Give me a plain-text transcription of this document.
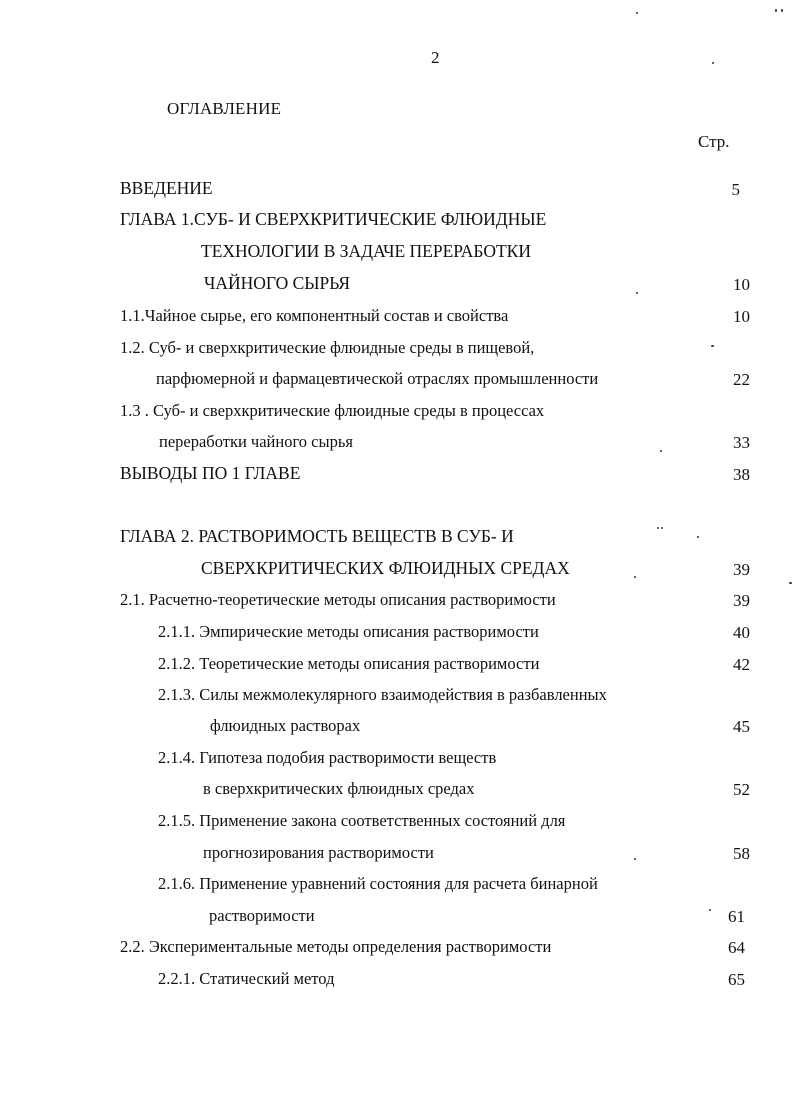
2
ОГЛАВЛЕНИЕ
Стр.
ВВЕДЕНИЕ	5
ГЛАВА 1.СУБ- И СВЕРХКРИТИЧЕСКИЕ ФЛЮИДНЫЕ
ТЕХНОЛОГИИ В ЗАДАЧЕ ПЕРЕРАБОТКИ
ЧАЙНОГО СЫРЬЯ	10
1.1.Чайное сырье, его компонентный состав и свойства	10
1.2. Суб- и сверхкритические флюидные среды в пищевой,
парфюмерной и фармацевтической отраслях промышленности	22
1.3 . Суб- и сверхкритические флюидные среды в процессах
переработки чайного сырья	33
ВЫВОДЫ ПО 1 ГЛАВЕ	38
ГЛАВА 2. РАСТВОРИМОСТЬ ВЕЩЕСТВ В СУБ- И
СВЕРХКРИТИЧЕСКИХ ФЛЮИДНЫХ СРЕДАХ	39
2.1. Расчетно-теоретические методы описания растворимости	39
2.1.1. Эмпирические методы описания растворимости	40
2.1.2. Теоретические методы описания растворимости	42
2.1.3. Силы межмолекулярного взаимодействия в разбавленных
флюидных растворах	45
2.1.4. Гипотеза подобия растворимости веществ
в сверхкритических флюидных средах	52
2.1.5. Применение закона соответственных состояний для
прогнозирования растворимости	58
2.1.6. Применение уравнений состояния для расчета бинарной
растворимости	61
2.2. Экспериментальные методы определения растворимости	64
2.2.1. Статический метод	65
